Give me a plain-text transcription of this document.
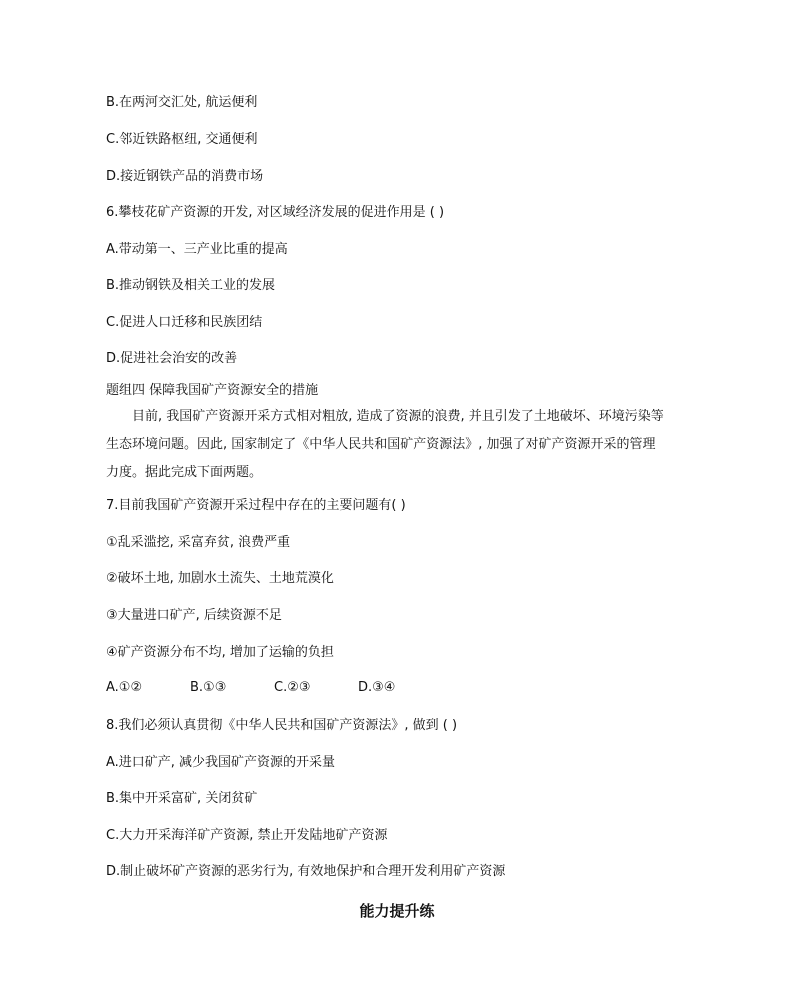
B.在两河交汇处, 航运便利
C.邻近铁路枢纽, 交通便利
D.接近钢铁产品的消费市场
6.攀枝花矿产资源的开发, 对区域经济发展的促进作用是 ( )
A.带动第一、三产业比重的提高
B.推动钢铁及相关工业的发展
C.促进人口迁移和民族团结
D.促进社会治安的改善
题组四 保障我国矿产资源安全的措施
目前, 我国矿产资源开采方式相对粗放, 造成了资源的浪费, 并且引发了土地破坏、环境污染等生态环境问题。因此, 国家制定了《中华人民共和国矿产资源法》, 加强了对矿产资源开采的管理力度。据此完成下面两题。
7.目前我国矿产资源开采过程中存在的主要问题有( )
①乱采滥挖, 采富弃贫, 浪费严重
②破坏土地, 加剧水土流失、土地荒漠化
③大量进口矿产, 后续资源不足
④矿产资源分布不均, 增加了运输的负担
A.①②	B.①③	C.②③	D.③④
8.我们必须认真贯彻《中华人民共和国矿产资源法》, 做到 ( )
A.进口矿产, 减少我国矿产资源的开采量
B.集中开采富矿, 关闭贫矿
C.大力开采海洋矿产资源, 禁止开发陆地矿产资源
D.制止破坏矿产资源的恶劣行为, 有效地保护和合理开发利用矿产资源
能力提升练
